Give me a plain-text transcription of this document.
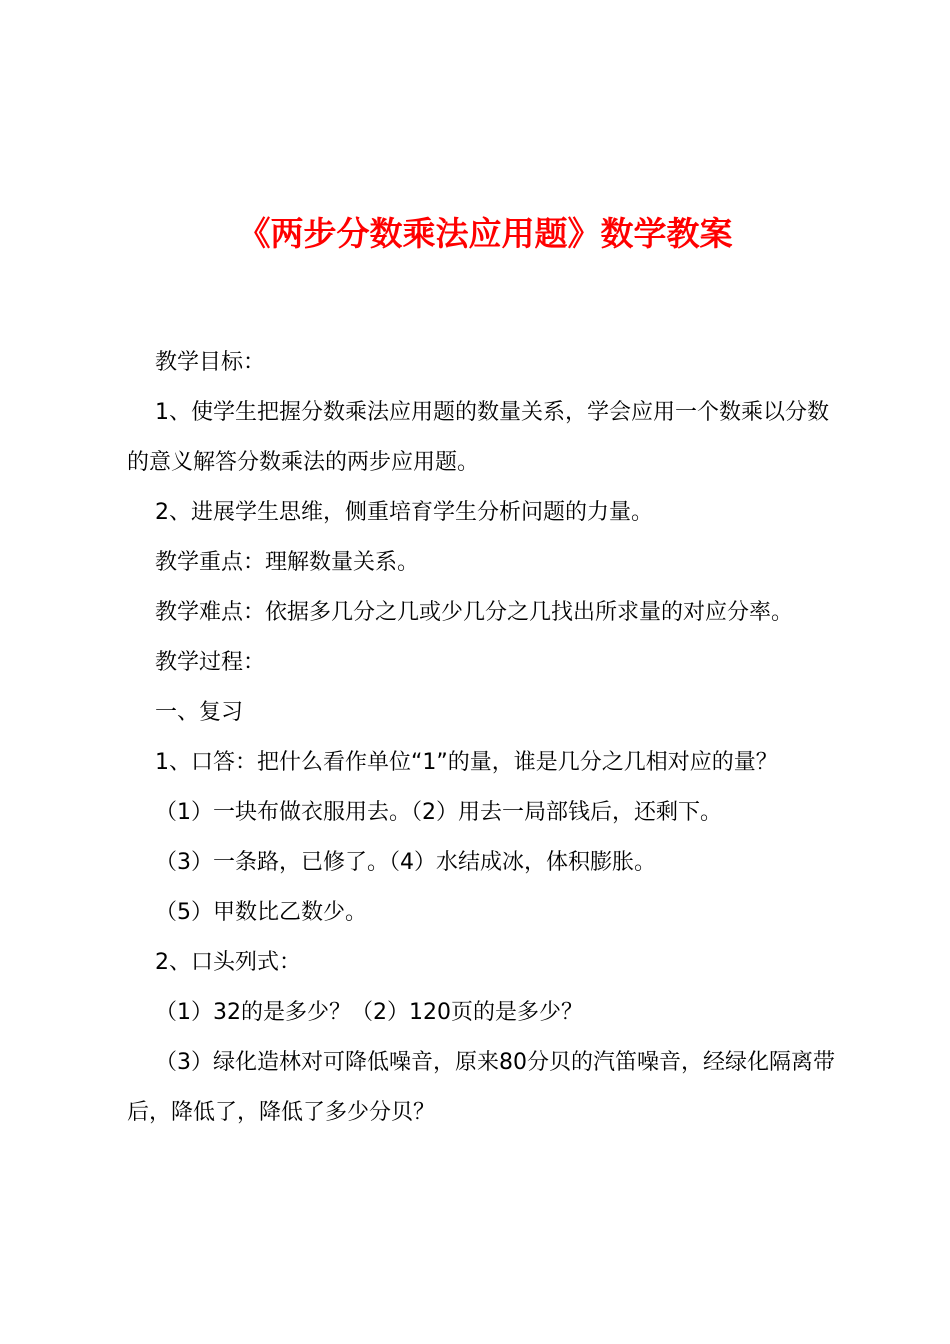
《两步分数乘法应用题》数学教案

教学目标：

1、使学生把握分数乘法应用题的数量关系，学会应用一个数乘以分数的意义解答分数乘法的两步应用题。

2、进展学生思维，侧重培育学生分析问题的力量。

教学重点：理解数量关系。

教学难点：依据多几分之几或少几分之几找出所求量的对应分率。

教学过程：

一、复习

1、口答：把什么看作单位“1”的量，谁是几分之几相对应的量？

（1）一块布做衣服用去。（2）用去一局部钱后，还剩下。

（3）一条路，已修了。（4）水结成冰，体积膨胀。

（5）甲数比乙数少。

2、口头列式：

（1）32的是多少？（2）120页的是多少？

（3）绿化造林对可降低噪音，原来80分贝的汽笛噪音，经绿化隔离带后，降低了，降低了多少分贝？
